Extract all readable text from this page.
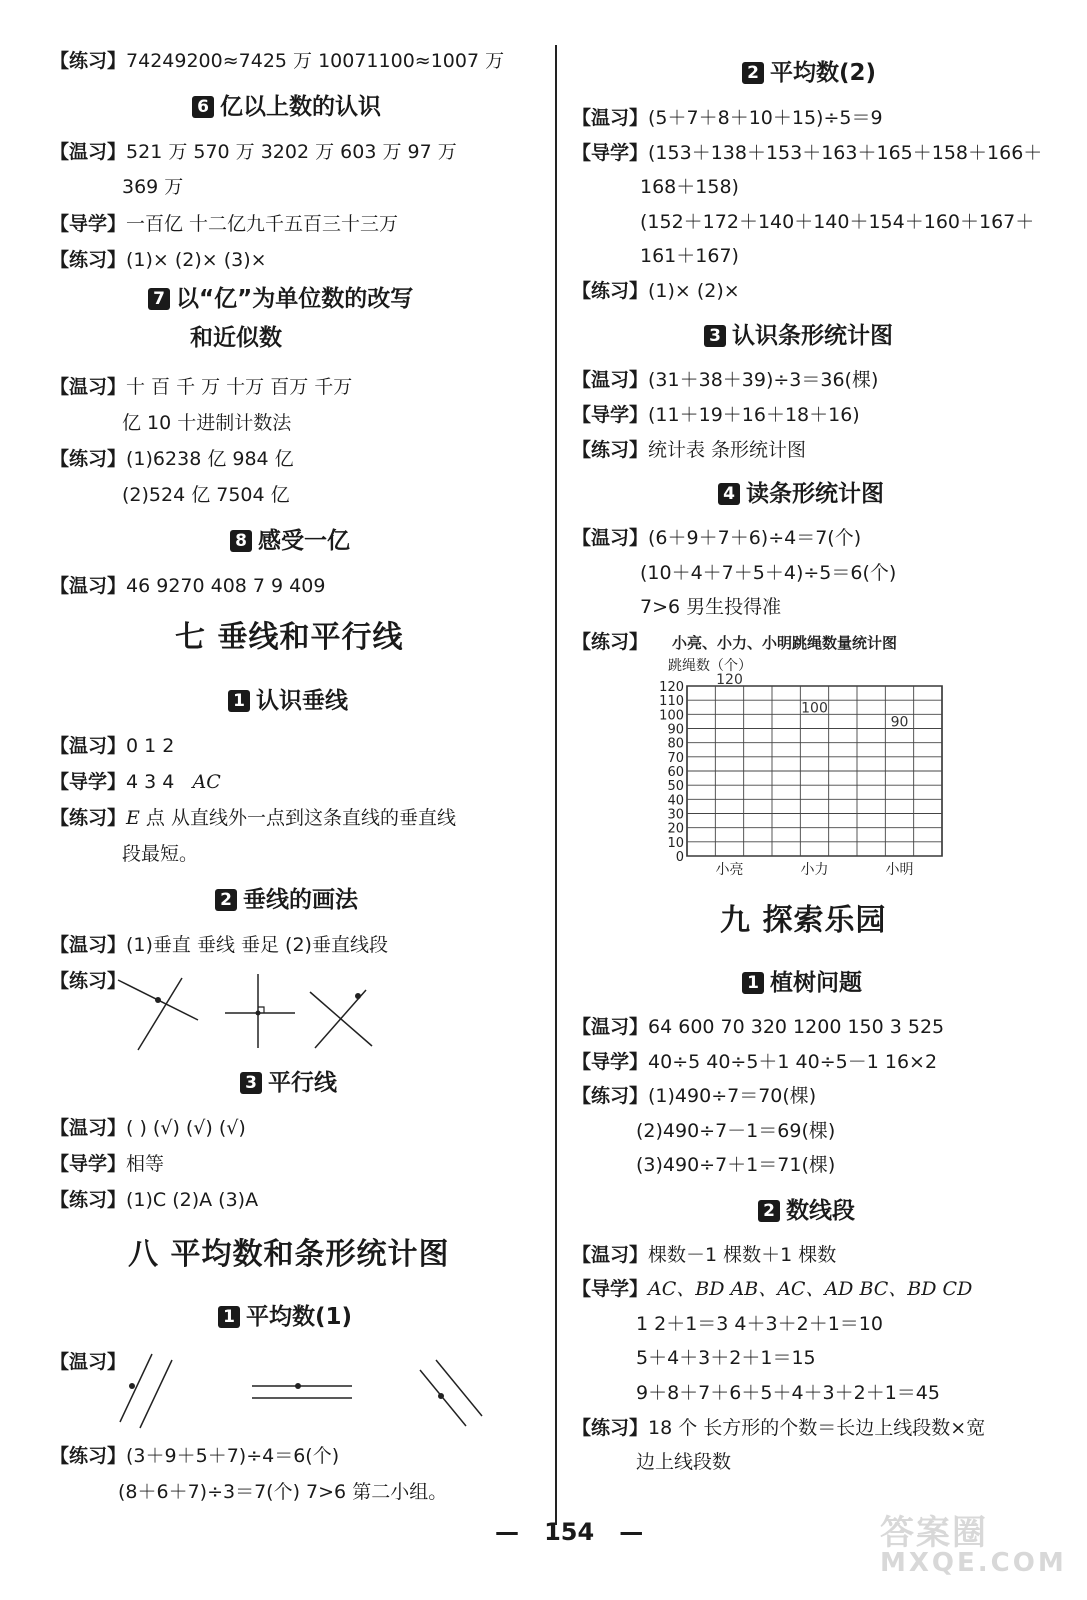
【练习】74249200≈7425 万 10071100≈1007 万
6 亿以上数的认识
【温习】521 万 570 万 3202 万 603 万 97 万
369 万
【导学】一百亿 十二亿九千五百三十三万
【练习】(1)× (2)× (3)×
7 以“亿”为单位数的改写
和近似数
【温习】十 百 千 万 十万 百万 千万
亿 10 十进制计数法
【练习】(1)6238 亿 984 亿
(2)524 亿 7504 亿
8 感受一亿
【温习】46 9270 408 7 9 409
七 垂线和平行线
1 认识垂线
【温习】0 1 2
【导学】4 3 4 AC
【练习】E 点 从直线外一点到这条直线的垂直线
段最短。
2 垂线的画法
【温习】(1)垂直 垂线 垂足 (2)垂直线段
【练习】
3 平行线
【温习】( ) (√) (√) (√)
【导学】相等
【练习】(1)C (2)A (3)A
八 平均数和条形统计图
1 平均数(1)
【温习】
【练习】(3＋9＋5＋7)÷4＝6(个)
(8＋6＋7)÷3＝7(个) 7>6 第二小组。
2 平均数(2)
【温习】(5＋7＋8＋10＋15)÷5＝9
【导学】(153＋138＋153＋163＋165＋158＋166＋
168＋158)
(152＋172＋140＋140＋154＋160＋167＋
161＋167)
【练习】(1)× (2)×
3 认识条形统计图
【温习】(31＋38＋39)÷3＝36(棵)
【导学】(11＋19＋16＋18＋16)
【练习】统计表 条形统计图
4 读条形统计图
【温习】(6＋9＋7＋6)÷4＝7(个)
(10＋4＋7＋5＋4)÷5＝6(个)
7>6 男生投得准
【练习】 小亮、小力、小明跳绳数量统计图
跳绳数（个）
0
10
20
30
40
50
60
70
80
90
100
110
120
小亮	小力	小明
120
100
90
九 探索乐园
1 植树问题
【温习】64 600 70 320 1200 150 3 525
【导学】40÷5 40÷5＋1 40÷5－1 16×2
【练习】(1)490÷7＝70(棵)
(2)490÷7－1＝69(棵)
(3)490÷7＋1＝71(棵)
2 数线段
【温习】棵数－1 棵数＋1 棵数
【导学】AC、BD AB、AC、AD BC、BD CD
1 2＋1＝3 4＋3＋2＋1＝10
5＋4＋3＋2＋1＝15
9＋8＋7＋6＋5＋4＋3＋2＋1＝45
【练习】18 个 长方形的个数＝长边上线段数×宽
边上线段数
— 154 —	答案圈
MXQE.COM
